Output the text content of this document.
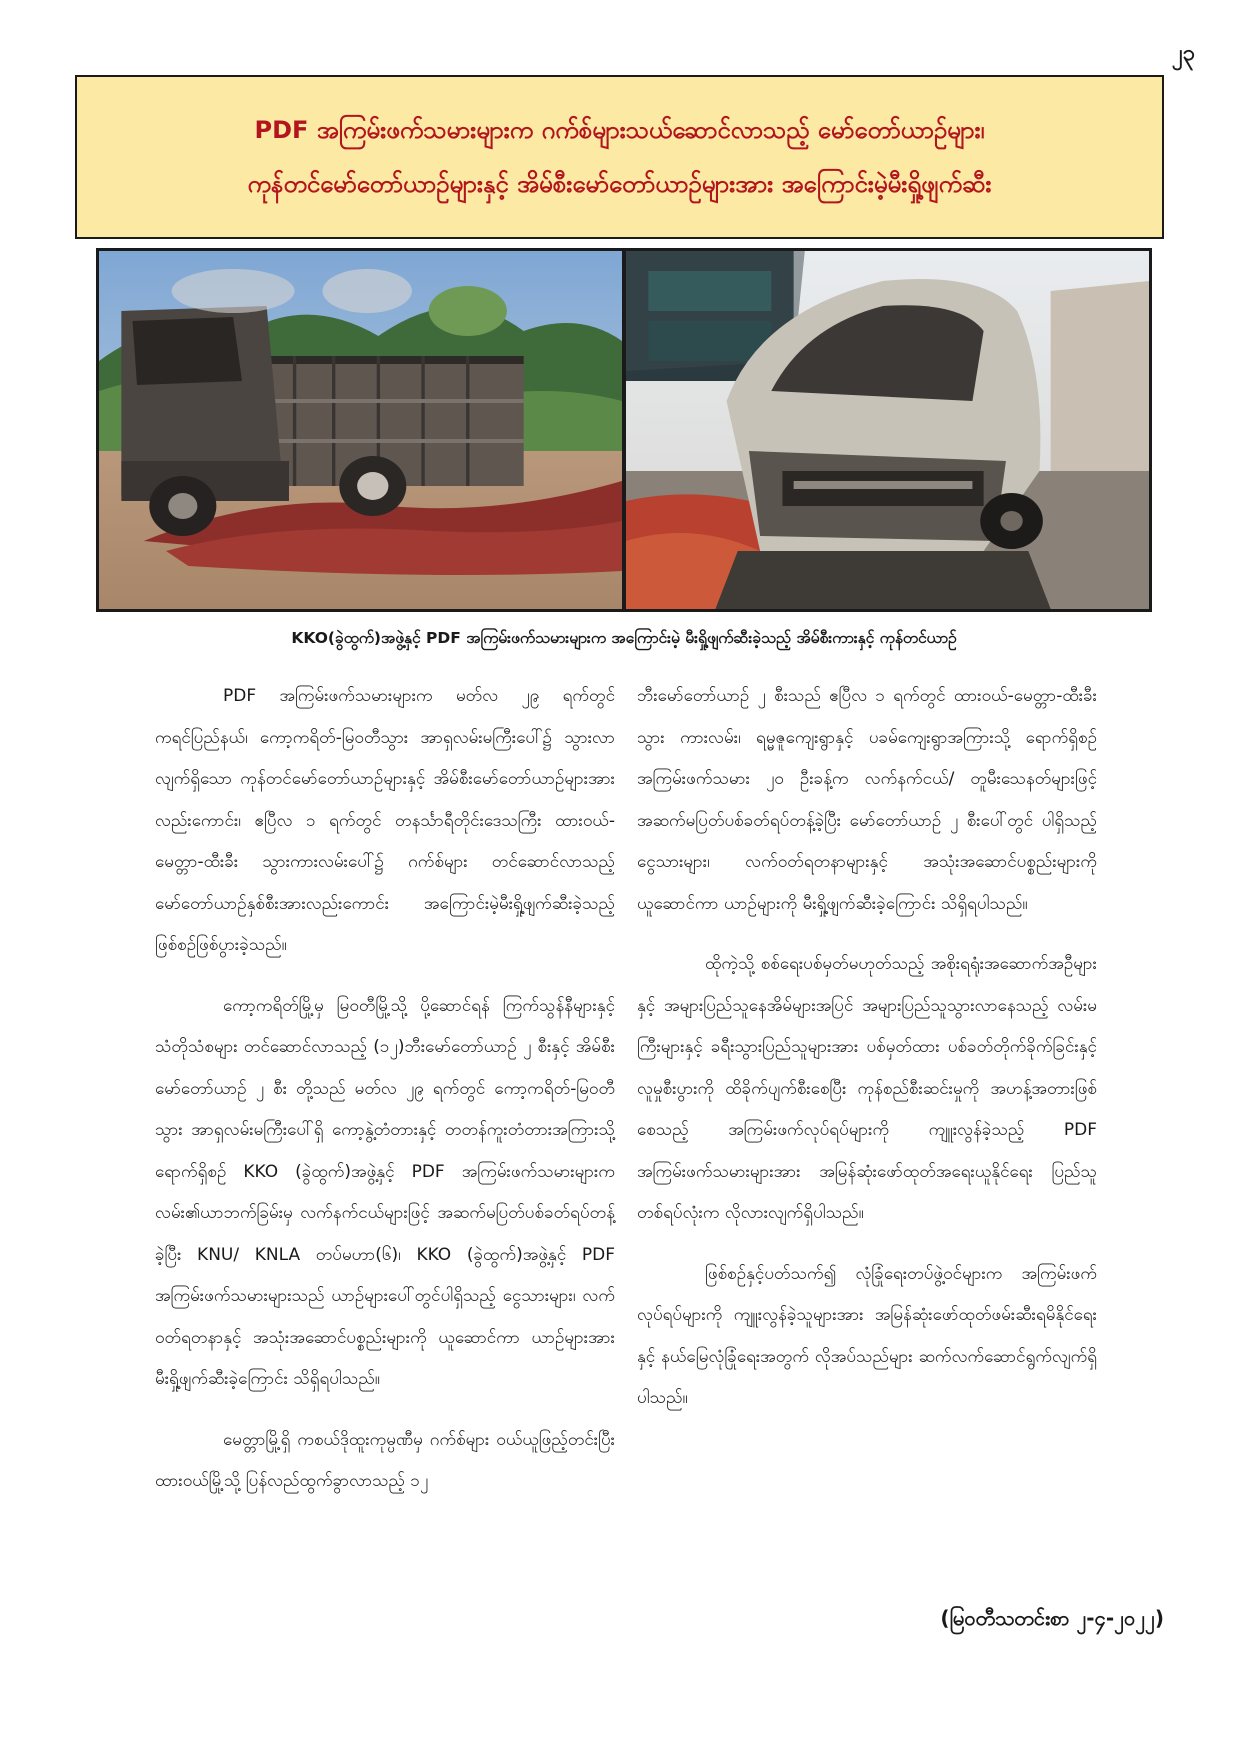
၂၃
PDF အကြမ်းဖက်သမားများက ဂက်စ်များသယ်ဆောင်လာသည့် မော်တော်ယာဉ်များ၊
ကုန်တင်မော်တော်ယာဉ်များနှင့် အိမ်စီးမော်တော်ယာဉ်များအား အကြောင်းမဲ့မီးရှို့ဖျက်ဆီး
KKO(ခွဲထွက်)အဖွဲ့နှင့် PDF အကြမ်းဖက်သမားများက အကြောင်းမဲ့ မီးရှို့ဖျက်ဆီးခဲ့သည့် အိမ်စီးကားနှင့် ကုန်တင်ယာဉ်

PDF အကြမ်းဖက်သမားများက မတ်လ ၂၉ ရက်တွင် ကရင်ပြည်နယ်၊ ကော့ကရိတ်-မြဝတီသွား အာရှလမ်းမကြီးပေါ်၌ သွားလာလျက်ရှိသော ကုန်တင်မော်တော်ယာဉ်များနှင့် အိမ်စီးမော်တော်ယာဉ်များအား လည်းကောင်း၊ ဧပြီလ ၁ ရက်တွင် တနင်္သာရီတိုင်းဒေသကြီး ထားဝယ်-မေတ္တာ-ထီးခီး သွားကားလမ်းပေါ်၌ ဂက်စ်များ တင်ဆောင်လာသည့် မော်တော်ယာဉ်နှစ်စီးအားလည်းကောင်း အကြောင်းမဲ့မီးရှို့ဖျက်ဆီးခဲ့သည့် ဖြစ်စဉ်ဖြစ်ပွားခဲ့သည်။

ကော့ကရိတ်မြို့မှ မြဝတီမြို့သို့ ပို့ဆောင်ရန် ကြက်သွန်နီများနှင့် သံတိုသံစများ တင်ဆောင်လာသည့် (၁၂)ဘီးမော်တော်ယာဉ် ၂ စီးနှင့် အိမ်စီးမော်တော်ယာဉ် ၂ စီး တို့သည် မတ်လ ၂၉ ရက်တွင် ကော့ကရိတ်-မြဝတီသွား အာရှလမ်းမကြီးပေါ်ရှိ ကော့နွဲ့တံတားနှင့် တတန်ကူးတံတားအကြားသို့ ရောက်ရှိစဉ် KKO (ခွဲထွက်)အဖွဲ့နှင့် PDF အကြမ်းဖက်သမားများက လမ်း၏ယာဘက်ခြမ်းမှ လက်နက်ငယ်များဖြင့် အဆက်မပြတ်ပစ်ခတ်ရပ်တန့်ခဲ့ပြီး KNU/ KNLA တပ်မဟာ(၆)၊ KKO (ခွဲထွက်)အဖွဲ့နှင့် PDF အကြမ်းဖက်သမားများသည် ယာဉ်များပေါ်တွင်ပါရှိသည့် ငွေသားများ၊ လက်ဝတ်ရတနာနှင့် အသုံးအဆောင်ပစ္စည်းများကို ယူဆောင်ကာ ယာဉ်များအား မီးရှို့ဖျက်ဆီးခဲ့ကြောင်း သိရှိရပါသည်။

မေတ္တာမြို့ရှိ ကစယ်ဒိုထူးကုမ္ပဏီမှ ဂက်စ်များ ဝယ်ယူဖြည့်တင်းပြီး ထားဝယ်မြို့သို့ ပြန်လည်ထွက်ခွာလာသည့် ၁၂

ဘီးမော်တော်ယာဉ် ၂ စီးသည် ဧပြီလ ၁ ရက်တွင် ထားဝယ်-မေတ္တာ-ထီးခီးသွား ကားလမ်း၊ ရမ္မဇူကျေးရွာနှင့် ပခမ်ကျေးရွာအကြားသို့ ရောက်ရှိစဉ် အကြမ်းဖက်သမား ၂၀ ဦးခန့်က လက်နက်ငယ်/ တူမီးသေနတ်များဖြင့် အဆက်မပြတ်ပစ်ခတ်ရပ်တန့်ခဲ့ပြီး မော်တော်ယာဉ် ၂ စီးပေါ်တွင် ပါရှိသည့်ငွေသားများ၊ လက်ဝတ်ရတနာများနှင့် အသုံးအဆောင်ပစ္စည်းများကို ယူဆောင်ကာ ယာဉ်များကို မီးရှို့ဖျက်ဆီးခဲ့ကြောင်း သိရှိရပါသည်။

ထိုကဲ့သို့ စစ်ရေးပစ်မှတ်မဟုတ်သည့် အစိုးရရုံးအဆောက်အဦများနှင့် အများပြည်သူနေအိမ်များအပြင် အများပြည်သူသွားလာနေသည့် လမ်းမကြီးများနှင့် ခရီးသွားပြည်သူများအား ပစ်မှတ်ထား ပစ်ခတ်တိုက်ခိုက်ခြင်းနှင့် လူမှုစီးပွားကို ထိခိုက်ပျက်စီးစေပြီး ကုန်စည်စီးဆင်းမှုကို အဟန့်အတားဖြစ်စေသည့် အကြမ်းဖက်လုပ်ရပ်များကို ကျူးလွန်ခဲ့သည့် PDF အကြမ်းဖက်သမားများအား အမြန်ဆုံးဖော်ထုတ်အရေးယူနိုင်ရေး ပြည်သူတစ်ရပ်လုံးက လိုလားလျက်ရှိပါသည်။

ဖြစ်စဉ်နှင့်ပတ်သက်၍ လုံခြုံရေးတပ်ဖွဲ့ဝင်များက အကြမ်းဖက်လုပ်ရပ်များကို ကျူးလွန်ခဲ့သူများအား အမြန်ဆုံးဖော်ထုတ်ဖမ်းဆီးရမိနိုင်ရေးနှင့် နယ်မြေလုံခြုံရေးအတွက် လိုအပ်သည်များ ဆက်လက်ဆောင်ရွက်လျက်ရှိပါသည်။

(မြဝတီသတင်းစာ ၂-၄-၂၀၂၂)
